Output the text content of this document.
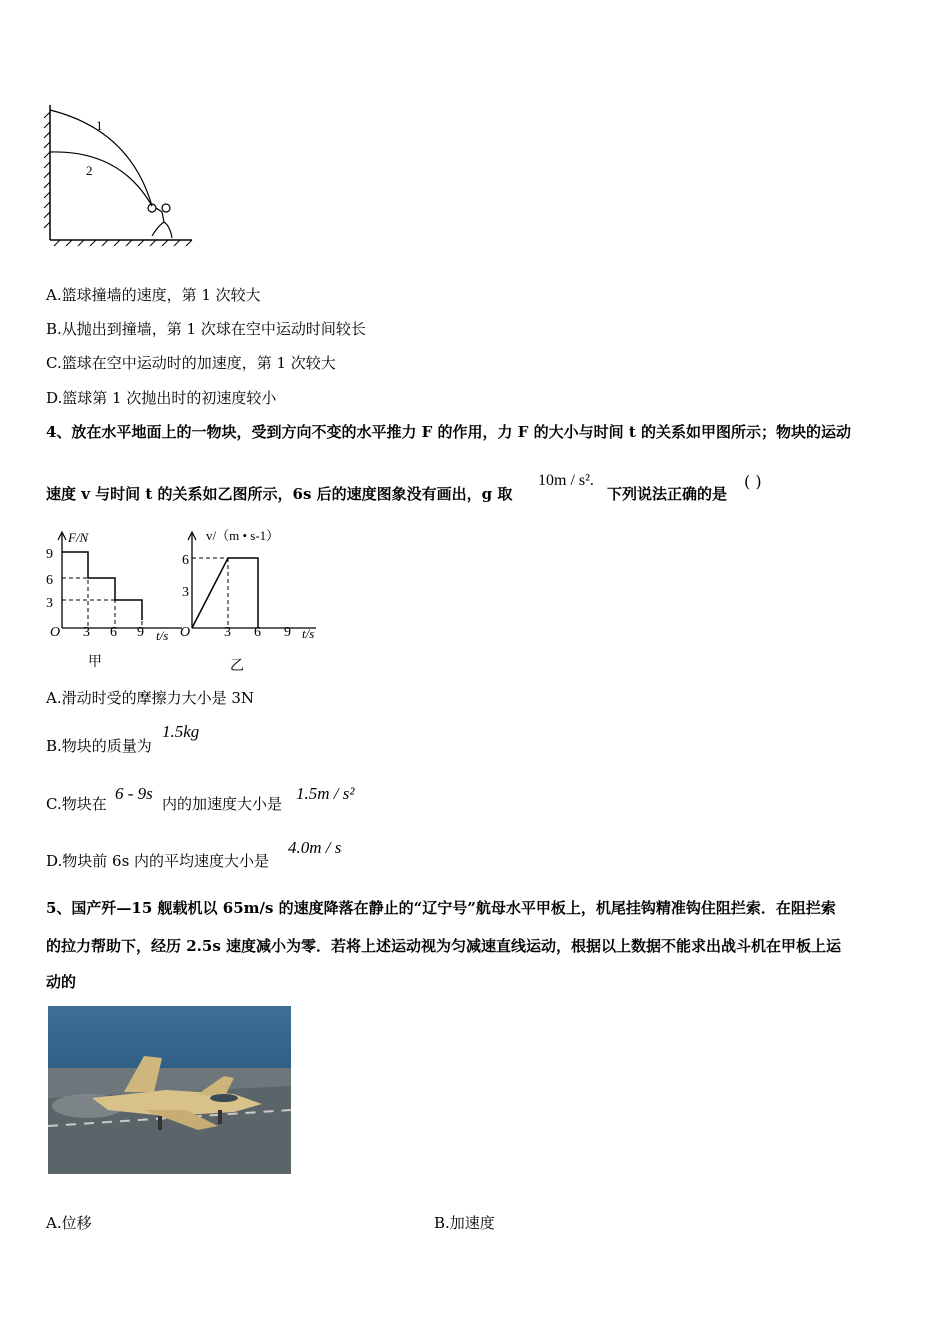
1
2
A.篮球撞墙的速度，第 1 次较大
B.从抛出到撞墙，第 1 次球在空中运动时间较长
C.篮球在空中运动时的加速度，第 1 次较大
D.篮球第 1 次抛出时的初速度较小
4、放在水平地面上的一物块，受到方向不变的水平推力 F 的作用，力 F 的大小与时间 t 的关系如甲图所示；物块的运动
速度 v 与时间 t 的关系如乙图所示，6s 后的速度图象没有画出，g 取
10m / s².
下列说法正确的是
( )
F/N
9
6
3
O 3 6 9 t/s
甲
v/（m • s-1）
6
3
O 3 6 9 t/s
乙
A.滑动时受的摩擦力大小是 3N
B.物块的质量为
1.5kg
C.物块在
6 - 9s
内的加速度大小是
1.5m / s²
D.物块前 6s 内的平均速度大小是
4.0m / s
5、国产歼—15 舰载机以 65m/s 的速度降落在静止的“辽宁号”航母水平甲板上，机尾挂钩精准钩住阻拦索．在阻拦索
的拉力帮助下，经历 2.5s 速度减小为零．若将上述运动视为匀减速直线运动，根据以上数据不能求出战斗机在甲板上运
动的
A.位移	B.加速度
